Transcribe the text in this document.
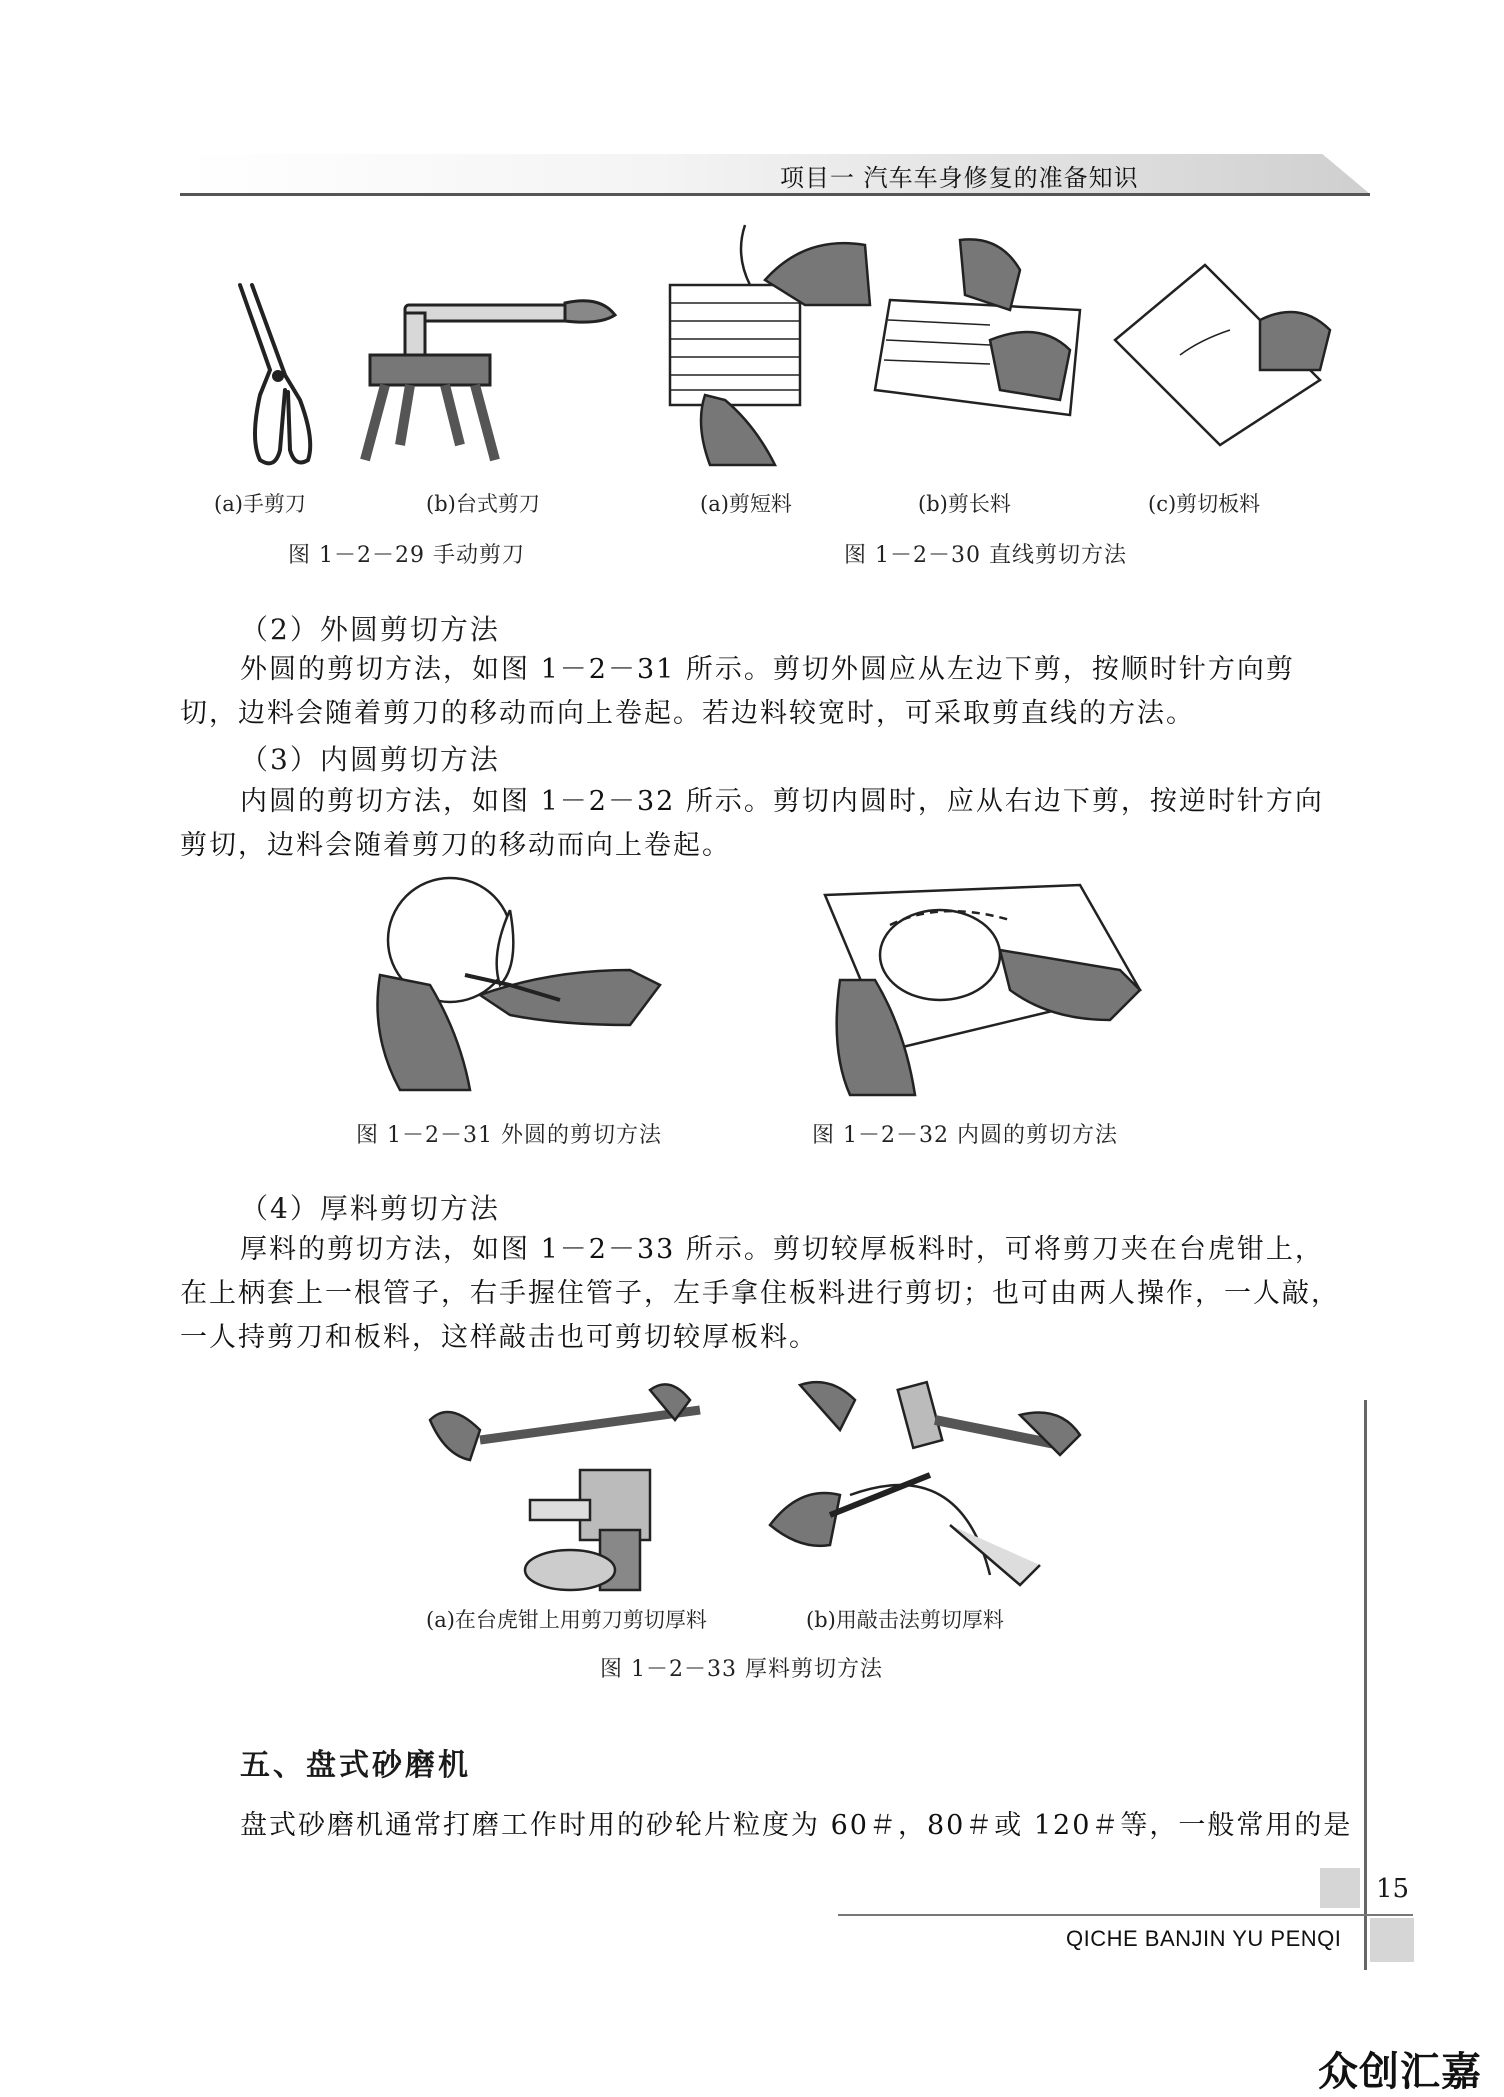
项目一 汽车车身修复的准备知识
(a)手剪刀	(b)台式剪刀
图 1－2－29 手动剪刀
(a)剪短料	(b)剪长料	(c)剪切板料
图 1－2－30 直线剪切方法
（2）外圆剪切方法
外圆的剪切方法，如图 1－2－31 所示。剪切外圆应从左边下剪，按顺时针方向剪切，边料会随着剪刀的移动而向上卷起。若边料较宽时，可采取剪直线的方法。
（3）内圆剪切方法
内圆的剪切方法，如图 1－2－32 所示。剪切内圆时，应从右边下剪，按逆时针方向剪切，边料会随着剪刀的移动而向上卷起。
图 1－2－31 外圆的剪切方法	图 1－2－32 内圆的剪切方法
（4）厚料剪切方法
厚料的剪切方法，如图 1－2－33 所示。剪切较厚板料时，可将剪刀夹在台虎钳上，在上柄套上一根管子，右手握住管子，左手拿住板料进行剪切；也可由两人操作，一人敲，一人持剪刀和板料，这样敲击也可剪切较厚板料。
(a)在台虎钳上用剪刀剪切厚料	(b)用敲击法剪切厚料
图 1－2－33 厚料剪切方法
五、盘式砂磨机
盘式砂磨机通常打磨工作时用的砂轮片粒度为 60＃，80＃或 120＃等，一般常用的是
15
QICHE BANJIN YU PENQI
众创汇嘉
